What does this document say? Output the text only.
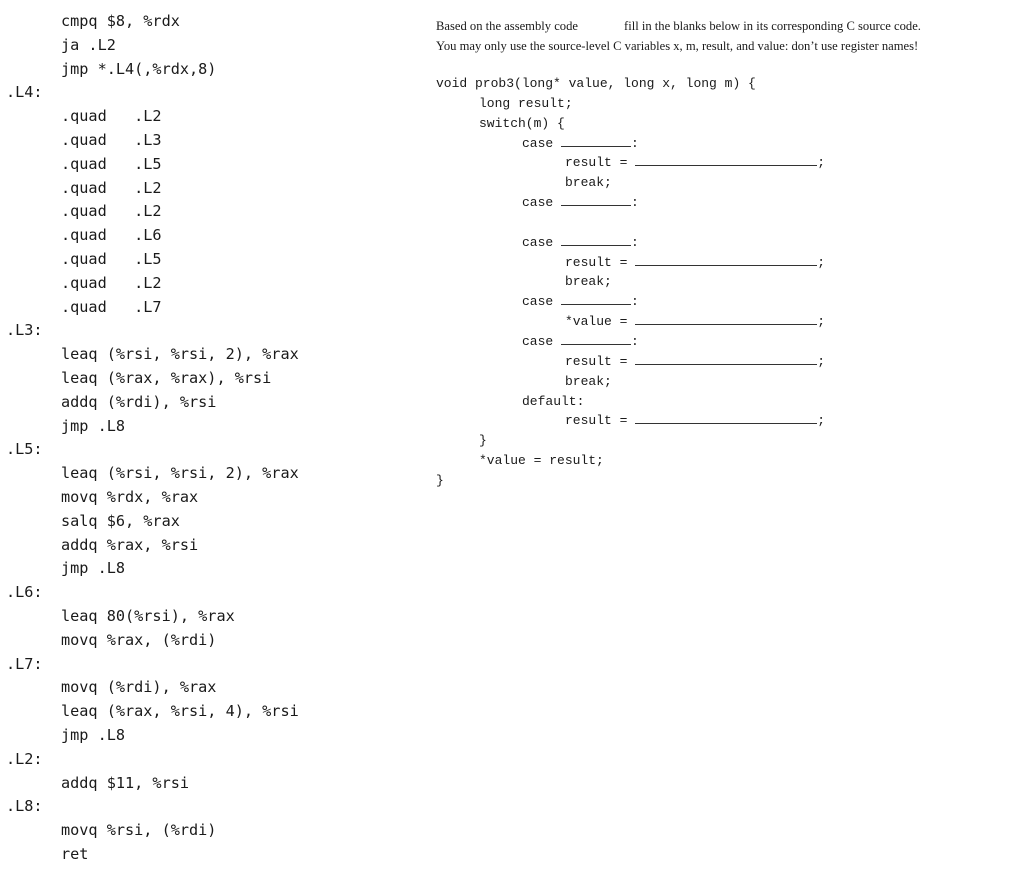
cmpq $8, %rdx
ja .L2
jmp *.L4(,%rdx,8)
.L4:
.quad   .L2
.quad   .L3
.quad   .L5
.quad   .L2
.quad   .L2
.quad   .L6
.quad   .L5
.quad   .L2
.quad   .L7
.L3:
leaq (%rsi, %rsi, 2), %rax
leaq (%rax, %rax), %rsi
addq (%rdi), %rsi
jmp .L8
.L5:
leaq (%rsi, %rsi, 2), %rax
movq %rdx, %rax
salq $6, %rax
addq %rax, %rsi
jmp .L8
.L6:
leaq 80(%rsi), %rax
movq %rax, (%rdi)
.L7:
movq (%rdi), %rax
leaq (%rax, %rsi, 4), %rsi
jmp .L8
.L2:
addq $11, %rsi
.L8:
movq %rsi, (%rdi)
ret
Based on the assembly code	fill in the blanks below in its corresponding C source code.
You may only use the source-level C variables x, m, result, and value: don’t use register names!
void prob3(long* value, long x, long m) {
long result;
switch(m) {
case	:
result =	;
break;
case	:
case	:
result =	;
break;
case	:
*value =	;
case	:
result =	;
break;
default:
result =	;
}
*value = result;
}
